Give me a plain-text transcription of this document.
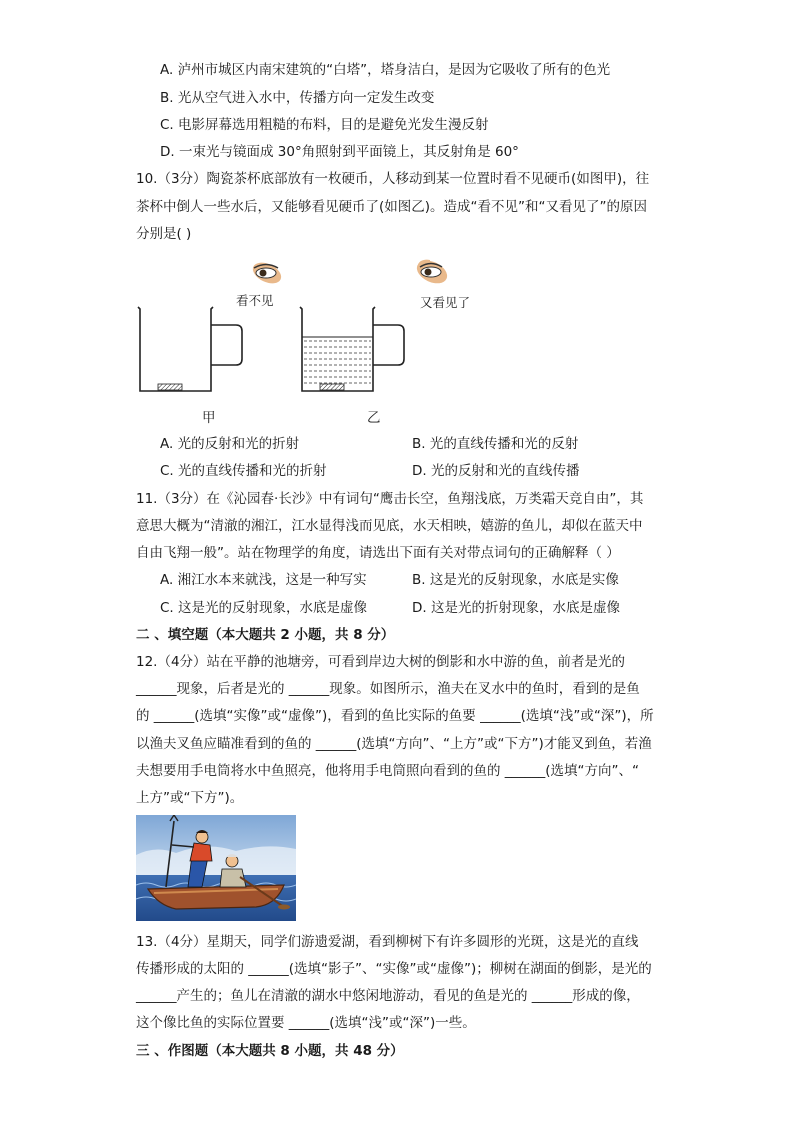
A. 泸州市城区内南宋建筑的“白塔”，塔身洁白，是因为它吸收了所有的色光
B. 光从空气进入水中，传播方向一定发生改变
C. 电影屏幕选用粗糙的布料，目的是避免光发生漫反射
D. 一束光与镜面成 30°角照射到平面镜上，其反射角是 60°
10.（3分）陶瓷茶杯底部放有一枚硬币，人移动到某一位置时看不见硬币(如图甲)，往
茶杯中倒人一些水后，又能够看见硬币了(如图乙)。造成“看不见”和“又看见了”的原因
分别是( )
看不见	又看见了
甲	乙
A. 光的反射和光的折射	B. 光的直线传播和光的反射
C. 光的直线传播和光的折射	D. 光的反射和光的直线传播
11.（3分）在《沁园春·长沙》中有词句“鹰击长空，鱼翔浅底，万类霜天竞自由”，其
意思大概为“清澈的湘江，江水显得浅而见底，水天相映，嬉游的鱼儿，却似在蓝天中
自由飞翔一般”。站在物理学的角度，请选出下面有关对带点词句的正确解释（ ）
A. 湘江水本来就浅，这是一种写实	B. 这是光的反射现象，水底是实像
C. 这是光的反射现象，水底是虚像	D. 这是光的折射现象，水底是虚像
二 、填空题（本大题共 2 小题，共 8 分）
12.（4分）站在平静的池塘旁，可看到岸边大树的倒影和水中游的鱼，前者是光的
______现象，后者是光的 ______现象。如图所示，渔夫在叉水中的鱼时，看到的是鱼
的 ______(选填“实像”或“虚像”)，看到的鱼比实际的鱼要 ______(选填“浅”或“深”)，所
以渔夫叉鱼应瞄准看到的鱼的 ______(选填“方向”、“上方”或“下方”)才能叉到鱼，若渔
夫想要用手电筒将水中鱼照亮，他将用手电筒照向看到的鱼的 ______(选填“方向”、“
上方”或“下方”)。
13.（4分）星期天，同学们游遗爱湖，看到柳树下有许多圆形的光斑，这是光的直线
传播形成的太阳的 ______(选填“影子”、“实像”或“虚像”)；柳树在湖面的倒影，是光的
______产生的；鱼儿在清澈的湖水中悠闲地游动，看见的鱼是光的 ______形成的像，
这个像比鱼的实际位置要 ______(选填“浅”或“深”)一些。
三 、作图题（本大题共 8 小题，共 48 分）
